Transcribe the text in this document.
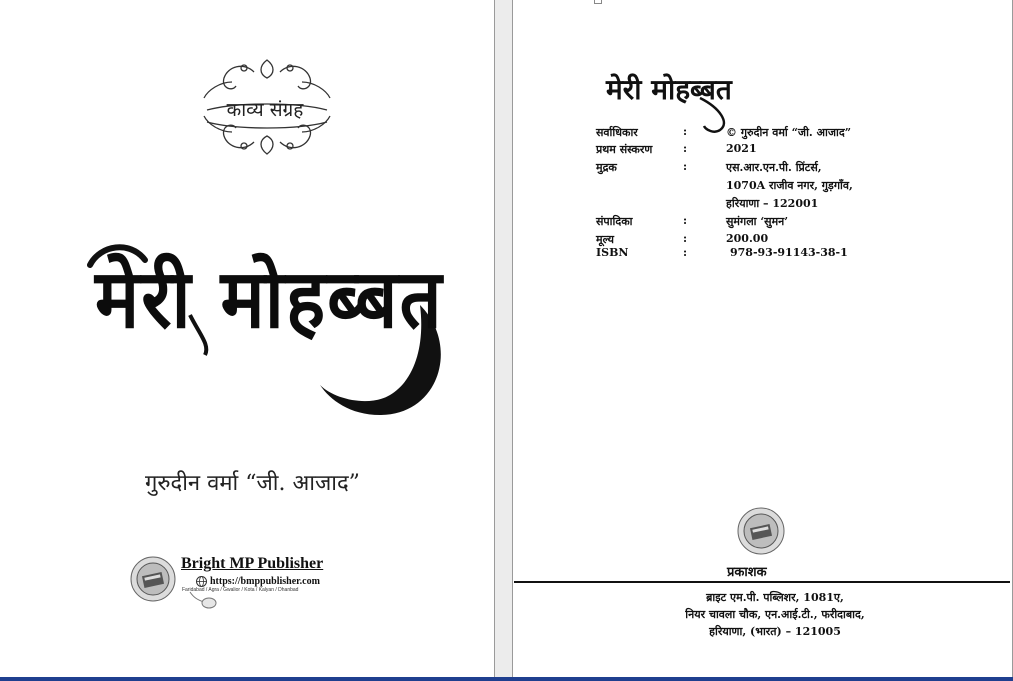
काव्य संग्रह
मेरी मोहब्बत
गुरुदीन वर्मा “जी. आजाद”
Bright MP Publisher
https://bmppublisher.com
Faridabad / Agra / Gwalior / Kota / Kalyan / Dhanbad
मेरी मोहब्बत
सर्वाधिकार	:	© गुरुदीन वर्मा “जी. आजाद”
प्रथम संस्करण	:	2021
मुद्रक	:	एस.आर.एन.पी. प्रिंटर्स,
1070A राजीव नगर, गुड़गाँव,
हरियाणा – 122001
संपादिका	:	सुमंगला ‘सुमन’
मूल्य	:	200.00
ISBN	:	978-93-91143-38-1
प्रकाशक
ब्राइट एम.पी. पब्लिशर, 1081ए,
नियर चावला चौक, एन.आई.टी., फरीदाबाद,
हरियाणा, (भारत) – 121005
